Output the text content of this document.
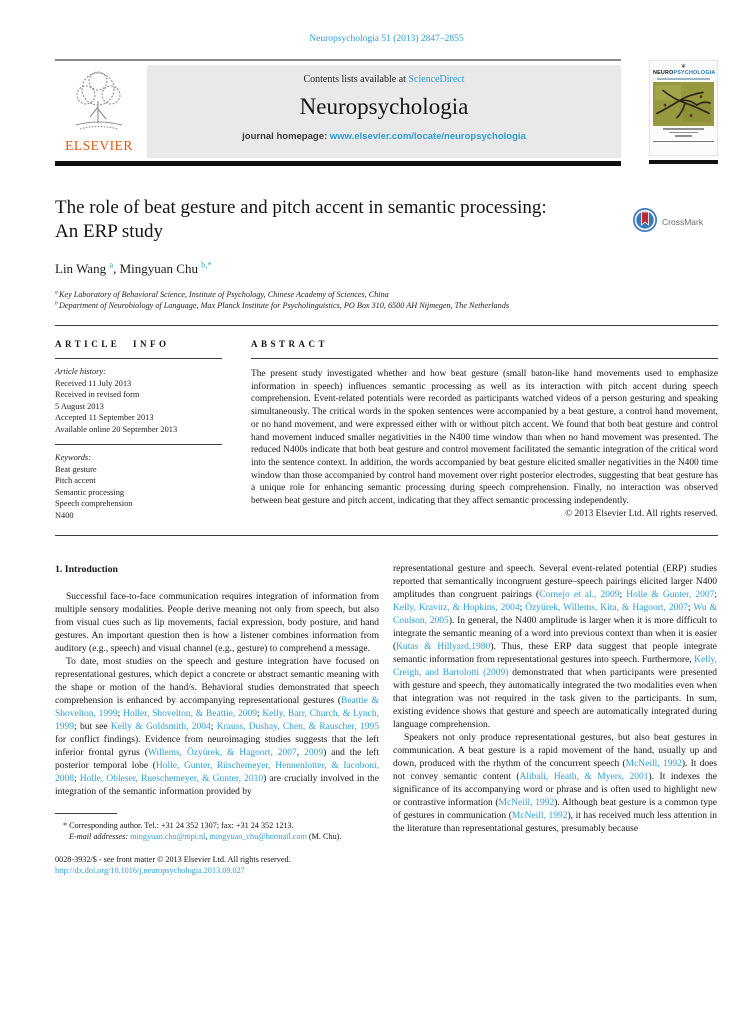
Neuropsychologia 51 (2013) 2847–2855
ELSEVIER
Contents lists available at ScienceDirect
Neuropsychologia
journal homepage: www.elsevier.com/locate/neuropsychologia
❦
NEUROPSYCHOLOGIA
The role of beat gesture and pitch accent in semantic processing:
An ERP study	CrossMark
Lin Wang $^a$, Mingyuan Chu $^{b,*}$
$^a$ Key Laboratory of Behavioral Science, Institute of Psychology, Chinese Academy of Sciences, China
$^b$ Department of Neurobiology of Language, Max Planck Institute for Psycholinguistics, PO Box 310, 6500 AH Nijmegen, The Netherlands
ARTICLE INFO
Article history:
Received 11 July 2013
Received in revised form
5 August 2013
Accepted 11 September 2013
Available online 20 September 2013
Keywords:
Beat gesture
Pitch accent
Semantic processing
Speech comprehension
N400
ABSTRACT
The present study investigated whether and how beat gesture (small baton-like hand movements used to emphasize information in speech) influences semantic processing as well as its interaction with pitch accent during speech comprehension. Event-related potentials were recorded as participants watched videos of a person gesturing and speaking simultaneously. The critical words in the spoken sentences were accompanied by a beat gesture, a control hand movement, or no hand movement, and were expressed either with or without pitch accent. We found that both beat gesture and control hand movement induced smaller negativities in the N400 time window than when no hand movement was presented. The reduced N400s indicate that both beat gesture and control movement facilitated the semantic integration of the critical word into the sentence context. In addition, the words accompanied by beat gesture elicited smaller negativities in the N400 time window than those accompanied by control hand movement over right posterior electrodes, suggesting that beat gesture has a unique role for enhancing semantic processing during speech comprehension. Finally, no interaction was observed between beat gesture and pitch accent, indicating that they affect semantic processing independently.
© 2013 Elsevier Ltd. All rights reserved.
1. Introduction

Successful face-to-face communication requires integration of information from multiple sensory modalities. People derive meaning not only from speech, but also from visual cues such as lip movements, facial expression, body posture, and hand gestures. An important question then is how a listener combines information from auditory (e.g., speech) and visual channel (e.g., gesture) to comprehend a message.

To date, most studies on the speech and gesture integration have focused on representational gestures, which depict a concrete or abstract semantic meaning with the shape or motion of the hand/s. Behavioral studies demonstrated that speech comprehension is enhanced by accompanying representational gestures (Beattie & Shovelton, 1999; Holler, Shovelton, & Beattie, 2009; Kelly, Barr, Church, & Lynch, 1999; but see Kelly & Goldsmith, 2004; Krauss, Dushay, Chen, & Rauscher, 1995 for conflict findings). Evidence from neuroimaging studies suggests that the left inferior frontal gyrus (Willems, Özyürek, & Hagoort, 2007, 2009) and the left posterior temporal lobe (Holle, Gunter, Rüschemeyer, Hennenlotter, & Iacoboni, 2008; Holle, Obleser, Rueschemeyer, & Gunter, 2010) are crucially involved in the integration of the semantic information provided by

* Corresponding author. Tel.: +31 24 352 1307; fax: +31 24 352 1213.
E-mail addresses: mingyuan.chu@mpi.nl, mingyuan_chu@hotmail.com (M. Chu).
0028-3932/$ - see front matter © 2013 Elsevier Ltd. All rights reserved.
http://dx.doi.org/10.1016/j.neuropsychologia.2013.09.027

representational gesture and speech. Several event-related potential (ERP) studies reported that semantically incongruent gesture–speech pairings elicited larger N400 amplitudes than congruent pairings (Cornejo et al., 2009; Holle & Gunter, 2007; Kelly, Kravitz, & Hopkins, 2004; Özyürek, Willems, Kita, & Hagoort, 2007; Wu & Coulson, 2005). In general, the N400 amplitude is larger when it is more difficult to integrate the semantic meaning of a word into previous context than when it is easier (Kutas & Hillyard,1980). Thus, these ERP data suggest that people integrate semantic information from representational gestures into speech. Furthermore, Kelly, Creigh, and Bartolotti (2009) demonstrated that when participants were presented with gesture and speech, they automatically integrated the two modalities even when that integration was not required in the task given to the participants. In sum, existing evidence shows that gesture and speech are automatically integrated during language comprehension.

Speakers not only produce representational gestures, but also beat gestures in communication. A beat gesture is a rapid movement of the hand, usually up and down, produced with the rhythm of the concurrent speech (McNeill, 1992). It does not convey semantic content (Alibali, Heath, & Myers, 2001). It indexes the significance of its accompanying word or phrase and is often used to highlight new or contrastive information (McNeill, 1992). Although beat gesture is a common type of gestures in communication (McNeill, 1992), it has received much less attention in the literature than representational gestures, presumably because
